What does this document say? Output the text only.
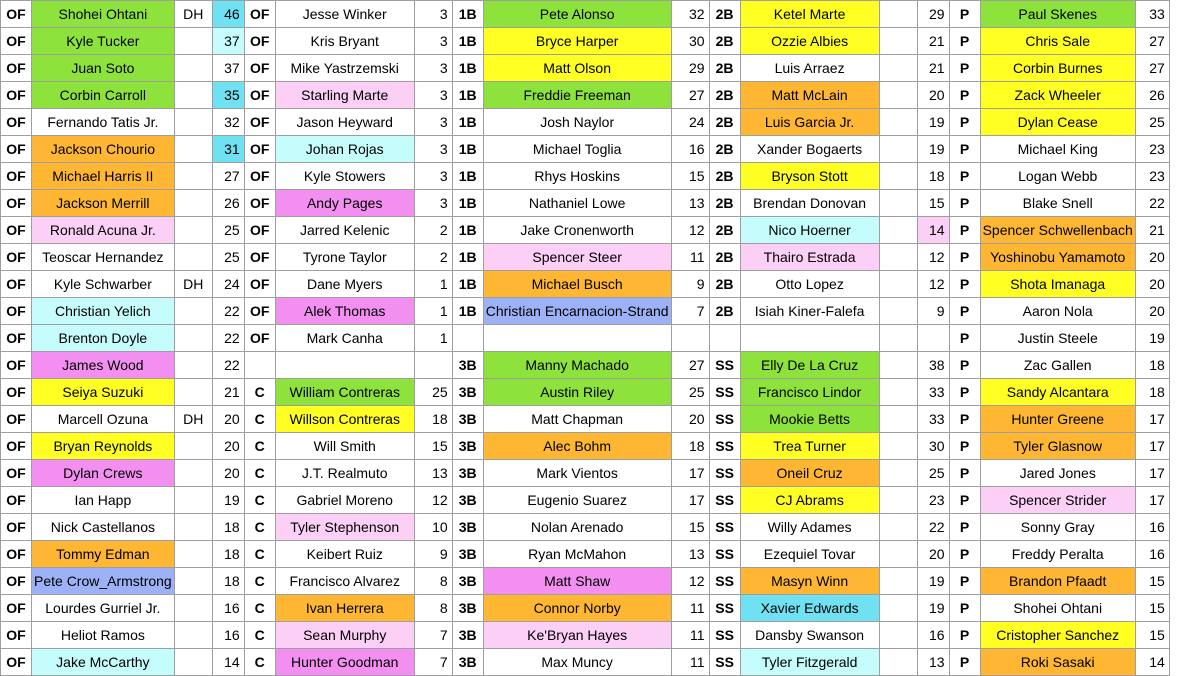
OF	Shohei Ohtani	DH	46	OF	Jesse Winker	3	1B	Pete Alonso	32	2B	Ketel Marte		29	P	Paul Skenes	33
OF	Kyle Tucker		37	OF	Kris Bryant	3	1B	Bryce Harper	30	2B	Ozzie Albies		21	P	Chris Sale	27
OF	Juan Soto		37	OF	Mike Yastrzemski	3	1B	Matt Olson	29	2B	Luis Arraez		21	P	Corbin Burnes	27
OF	Corbin Carroll		35	OF	Starling Marte	3	1B	Freddie Freeman	27	2B	Matt McLain		20	P	Zack Wheeler	26
OF	Fernando Tatis Jr.		32	OF	Jason Heyward	3	1B	Josh Naylor	24	2B	Luis Garcia Jr.		19	P	Dylan Cease	25
OF	Jackson Chourio		31	OF	Johan Rojas	3	1B	Michael Toglia	16	2B	Xander Bogaerts		19	P	Michael King	23
OF	Michael Harris II		27	OF	Kyle Stowers	3	1B	Rhys Hoskins	15	2B	Bryson Stott		18	P	Logan Webb	23
OF	Jackson Merrill		26	OF	Andy Pages	3	1B	Nathaniel Lowe	13	2B	Brendan Donovan		15	P	Blake Snell	22
OF	Ronald Acuna Jr.		25	OF	Jarred Kelenic	2	1B	Jake Cronenworth	12	2B	Nico Hoerner		14	P	Spencer Schwellenbach	21
OF	Teoscar Hernandez		25	OF	Tyrone Taylor	2	1B	Spencer Steer	11	2B	Thairo Estrada		12	P	Yoshinobu Yamamoto	20
OF	Kyle Schwarber	DH	24	OF	Dane Myers	1	1B	Michael Busch	9	2B	Otto Lopez		12	P	Shota Imanaga	20
OF	Christian Yelich		22	OF	Alek Thomas	1	1B	Christian Encarnacion-Strand	7	2B	Isiah Kiner-Falefa		9	P	Aaron Nola	20
OF	Brenton Doyle		22	OF	Mark Canha	1								P	Justin Steele	19
OF	James Wood		22				3B	Manny Machado	27	SS	Elly De La Cruz		38	P	Zac Gallen	18
OF	Seiya Suzuki		21	C	William Contreras	25	3B	Austin Riley	25	SS	Francisco Lindor		33	P	Sandy Alcantara	18
OF	Marcell Ozuna	DH	20	C	Willson Contreras	18	3B	Matt Chapman	20	SS	Mookie Betts		33	P	Hunter Greene	17
OF	Bryan Reynolds		20	C	Will Smith	15	3B	Alec Bohm	18	SS	Trea Turner		30	P	Tyler Glasnow	17
OF	Dylan Crews		20	C	J.T. Realmuto	13	3B	Mark Vientos	17	SS	Oneil Cruz		25	P	Jared Jones	17
OF	Ian Happ		19	C	Gabriel Moreno	12	3B	Eugenio Suarez	17	SS	CJ Abrams		23	P	Spencer Strider	17
OF	Nick Castellanos		18	C	Tyler Stephenson	10	3B	Nolan Arenado	15	SS	Willy Adames		22	P	Sonny Gray	16
OF	Tommy Edman		18	C	Keibert Ruiz	9	3B	Ryan McMahon	13	SS	Ezequiel Tovar		20	P	Freddy Peralta	16
OF	Pete Crow_Armstrong		18	C	Francisco Alvarez	8	3B	Matt Shaw	12	SS	Masyn Winn		19	P	Brandon Pfaadt	15
OF	Lourdes Gurriel Jr.		16	C	Ivan Herrera	8	3B	Connor Norby	11	SS	Xavier Edwards		19	P	Shohei Ohtani	15
OF	Heliot Ramos		16	C	Sean Murphy	7	3B	Ke'Bryan Hayes	11	SS	Dansby Swanson		16	P	Cristopher Sanchez	15
OF	Jake McCarthy		14	C	Hunter Goodman	7	3B	Max Muncy	11	SS	Tyler Fitzgerald		13	P	Roki Sasaki	14
